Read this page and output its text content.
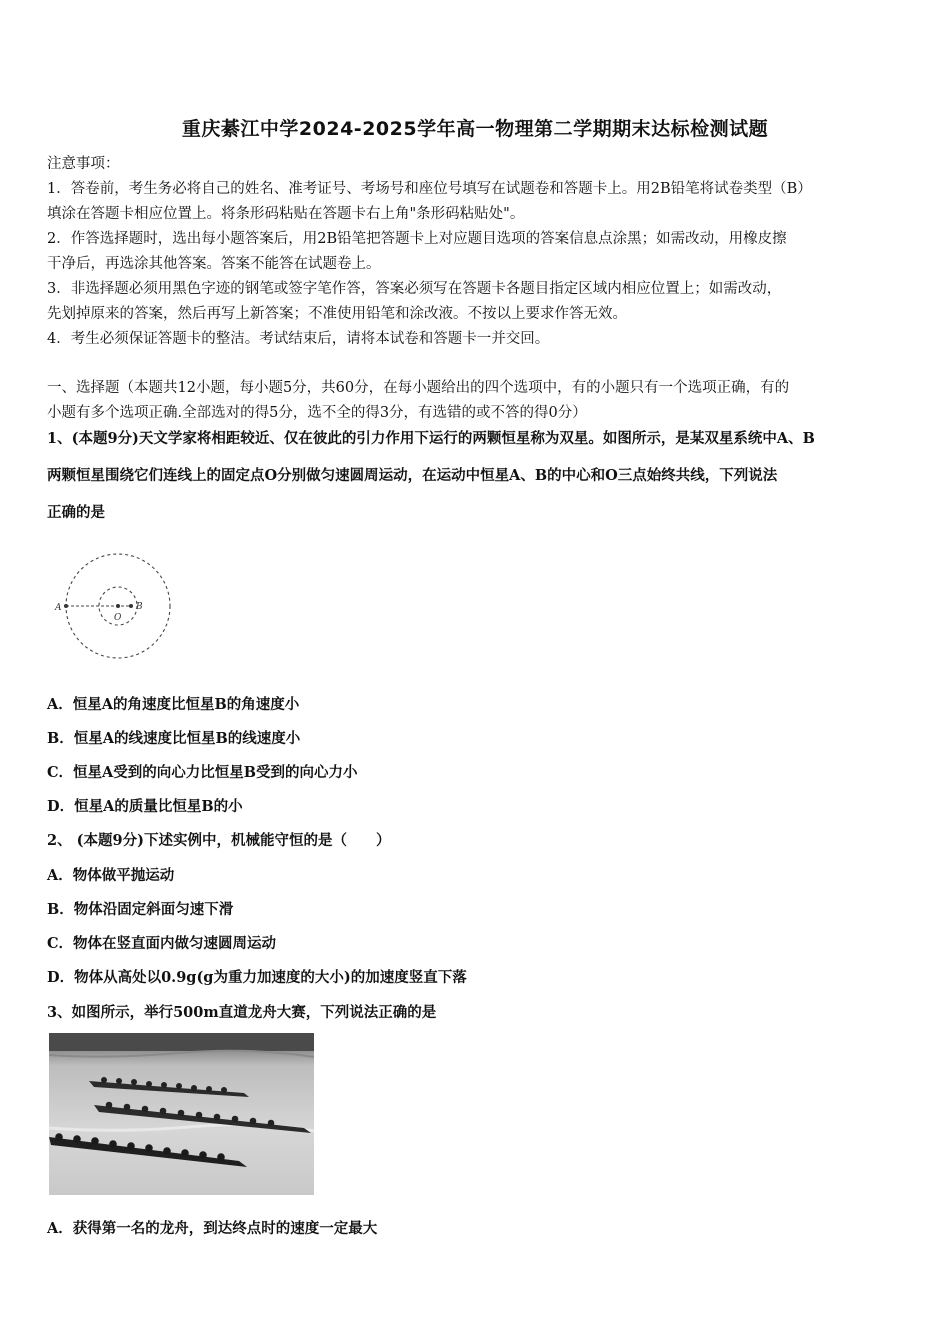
重庆綦江中学2024-2025学年高一物理第二学期期末达标检测试题
注意事项：
1．答卷前，考生务必将自己的姓名、准考证号、考场号和座位号填写在试题卷和答题卡上。用2B铅笔将试卷类型（B）
填涂在答题卡相应位置上。将条形码粘贴在答题卡右上角"条形码粘贴处"。
2．作答选择题时，选出每小题答案后，用2B铅笔把答题卡上对应题目选项的答案信息点涂黑；如需改动，用橡皮擦
干净后，再选涂其他答案。答案不能答在试题卷上。
3．非选择题必须用黑色字迹的钢笔或签字笔作答，答案必须写在答题卡各题目指定区域内相应位置上；如需改动，
先划掉原来的答案，然后再写上新答案；不准使用铅笔和涂改液。不按以上要求作答无效。
4．考生必须保证答题卡的整洁。考试结束后，请将本试卷和答题卡一并交回。
一、选择题（本题共12小题，每小题5分，共60分，在每小题给出的四个选项中，有的小题只有一个选项正确，有的
小题有多个选项正确.全部选对的得5分，选不全的得3分，有选错的或不答的得0分）
1、(本题9分)天文学家将相距较近、仅在彼此的引力作用下运行的两颗恒星称为双星。如图所示，是某双星系统中A、B
两颗恒星围绕它们连线上的固定点O分别做匀速圆周运动，在运动中恒星A、B的中心和O三点始终共线，下列说法
正确的是
A
O
B
A．恒星A的角速度比恒星B的角速度小
B．恒星A的线速度比恒星B的线速度小
C．恒星A受到的向心力比恒星B受到的向心力小
D．恒星A的质量比恒星B的小
2、 (本题9分)下述实例中，机械能守恒的是（　　）
A．物体做平抛运动
B．物体沿固定斜面匀速下滑
C．物体在竖直面内做匀速圆周运动
D．物体从高处以0.9g(g为重力加速度的大小)的加速度竖直下落
3、如图所示，举行500m直道龙舟大赛，下列说法正确的是
A．获得第一名的龙舟，到达终点时的速度一定最大
